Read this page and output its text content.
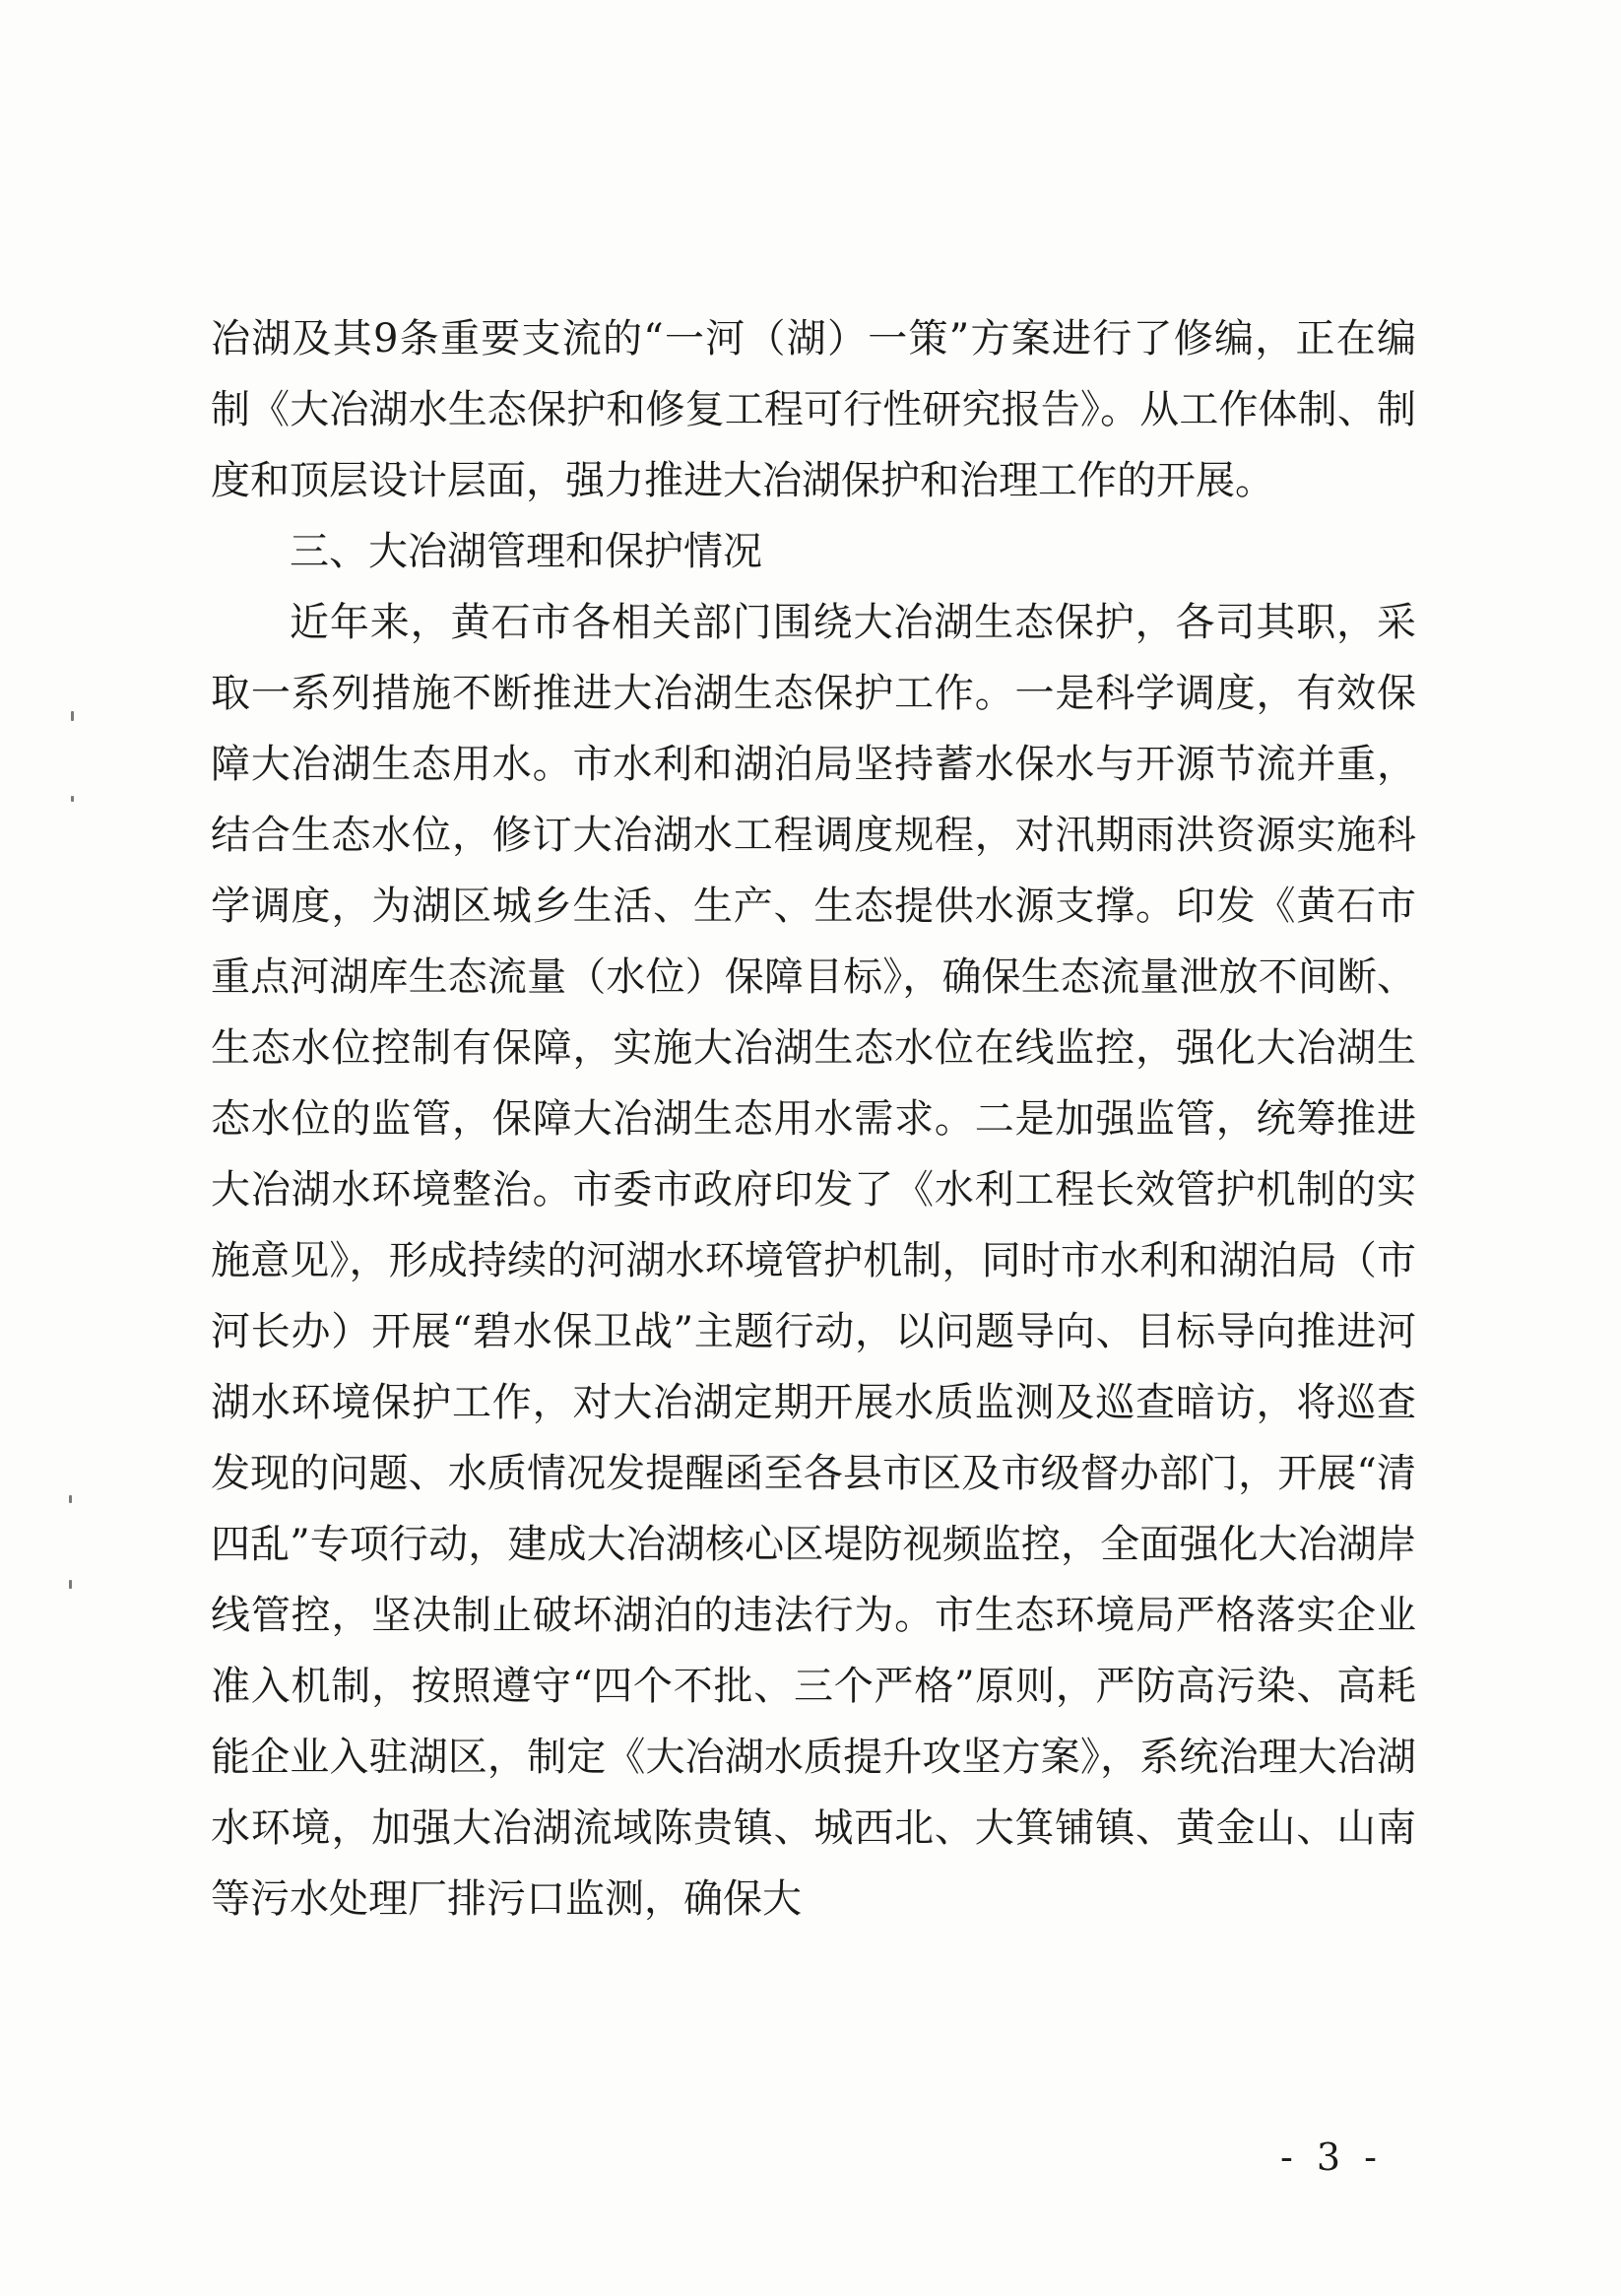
冶湖及其9条重要支流的“一河（湖）一策”方案进行了修编，正在编制《大冶湖水生态保护和修复工程可行性研究报告》。从工作体制、制度和顶层设计层面，强力推进大冶湖保护和治理工作的开展。

三、大冶湖管理和保护情况

近年来，黄石市各相关部门围绕大冶湖生态保护，各司其职，采取一系列措施不断推进大冶湖生态保护工作。一是科学调度，有效保障大冶湖生态用水。市水利和湖泊局坚持蓄水保水与开源节流并重，结合生态水位，修订大冶湖水工程调度规程，对汛期雨洪资源实施科学调度，为湖区城乡生活、生产、生态提供水源支撑。印发《黄石市重点河湖库生态流量（水位）保障目标》，确保生态流量泄放不间断、生态水位控制有保障，实施大冶湖生态水位在线监控，强化大冶湖生态水位的监管，保障大冶湖生态用水需求。二是加强监管，统筹推进大冶湖水环境整治。市委市政府印发了《水利工程长效管护机制的实施意见》，形成持续的河湖水环境管护机制，同时市水利和湖泊局（市河长办）开展“碧水保卫战”主题行动，以问题导向、目标导向推进河湖水环境保护工作，对大冶湖定期开展水质监测及巡查暗访，将巡查发现的问题、水质情况发提醒函至各县市区及市级督办部门，开展“清四乱”专项行动，建成大冶湖核心区堤防视频监控，全面强化大冶湖岸线管控，坚决制止破坏湖泊的违法行为。市生态环境局严格落实企业准入机制，按照遵守“四个不批、三个严格”原则，严防高污染、高耗能企业入驻湖区，制定《大冶湖水质提升攻坚方案》，系统治理大冶湖水环境，加强大冶湖流域陈贵镇、城西北、大箕铺镇、黄金山、山南等污水处理厂排污口监测，确保大

- 3 -
